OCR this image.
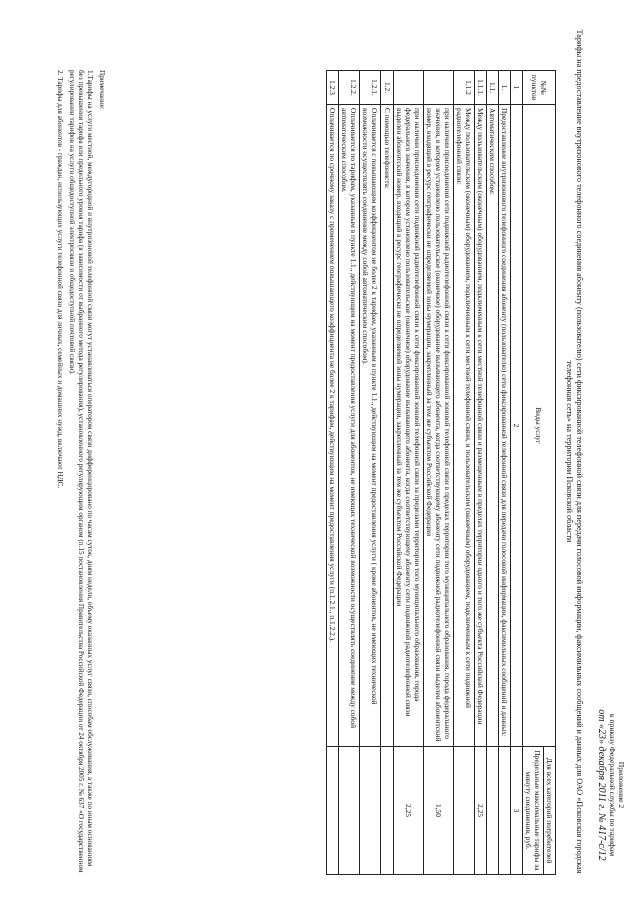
Приложение 2
к приказу Федеральной службы по тарифам
от «23» декабря 2011 г. № 417-с/12
Тарифы на предоставление внутризонового телефонного соединения абоненту (пользователю) сети фиксированной телефонной связи для передачи голосовой информации, факсимильных сообщений и данных для ОАО «Псковская городская телефонная сеть» на территории Псковской области
№№ пунктов	Виды услуг	Для всех категорий потребителей
		Предельные максимальные тарифы за минуту соединения, руб.
1	2	3
1.	Предоставление внутризонового телефонного соединения абоненту (пользователю) сети фиксированной телефонной связи для передачи голосовой информации, факсимильных сообщений и данных:	
1.1.	Автоматическим способом:	
1.1.1.	Между пользовательским (оконечным) оборудованием, подключенным к сети местной телефонной связи и размещенным в пределах территории одного и того же субъекта Российской Федерации	2,25
1.1.2	Между пользовательским (оконечным) оборудованием, подключенным к сети местной телефонной связи, и пользовательским (оконечным) оборудованием, подключенным к сети подвижной радиотелефонной связи:	
	при наличии присоединения сети подвижной радиотелефонной связи к сети фиксированной зоновой телефонной связи в пределах территории того муниципального образования, города федерального значения, в котором установлено пользовательское (оконечное) оборудование вызывающего абонента, когда соответствующему абоненту сети подвижной радиотелефонной связи выделен абонентский номер, входящий в ресурс географически не определяемой зоны нумерации, закрепленный за тем же субъектом Российской Федерации	1,50
	при наличии присоединения сети подвижной радиотелефонной связи к сети фиксированной зоновой телефонной связи за пределами территории того муниципального образования, города федерального значения, в котором установлено пользовательское (оконечное) оборудование вызывающего абонента, когда соответствующему абоненту сети подвижной радиотелефонной связи выделен абонентский номер, входящий в ресурс географически не определяемой зоны нумерации, закрепленный за тем же субъектом Российской Федерации	2,25
1.2.	С помощью телефониста:	
1.2.1.	Оплачивается с повышающим коэффициентом не более 2 к тарифам, указанным в пункте 1.1., действующим на момент предоставления услуги ( кроме абонентов, не имеющих технической возможности осуществлять соединение между собой автоматическим способом).	
1.2.2.	Оплачивается по тарифам, указанным в пункте 1.1., действующим на момент предоставления услуги для абонентов, не имеющих технической возможности осуществлять соединение между собой автоматическим способом.	
1.2.3	Оплачивается по срочному заказу с применением повышающего коэффициента не более 2 к тарифам, действующим на момент предоставления услуги (п.1.2.1., п.1.2.2.).	

Примечание:

1.Тарифы на услуги местной, междугородной и внутризоновой телефонной связи могут устанавливаться оператором связи дифференцировано по часам суток, дням недели, объему оказанных услуг связи, способам обслуживания, а также по иным основаниям без превышения тарифа или предельного уровня тарифа (в зависимости от выбранного метода регулирования), установленного регулирующим органом (п.15 постановления Правительства Российской Федерации от 24 октября 2005 г. № 637 «О государственном регулировании тарифов на услуги общедоступной электросвязи и общедоступной почтовой связи).

2. Тарифы для абонентов - граждан, использующих услуги телефонной связи для личных, семейных и домашних нужд, включают НДС.
